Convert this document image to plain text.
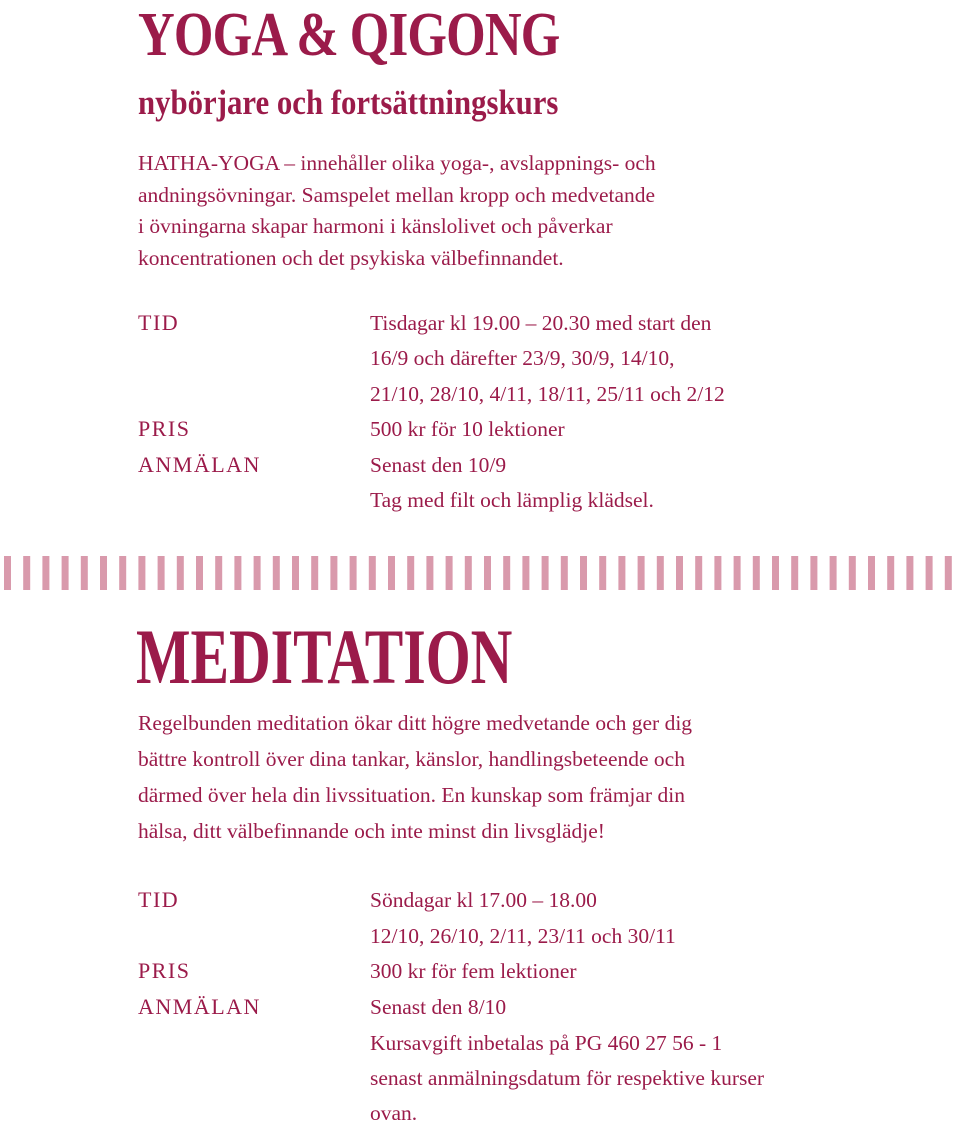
YOGA & QIGONG
nybörjare och fortsättningskurs
HATHA-YOGA – innehåller olika yoga-, avslappnings- och
andningsövningar. Samspelet mellan kropp och medvetande
i övningarna skapar harmoni i känslolivet och påverkar
koncentrationen och det psykiska välbefinnandet.
TID	Tisdagar kl 19.00 – 20.30 med start den
16/9 och därefter 23/9, 30/9, 14/10,
21/10, 28/10, 4/11, 18/11, 25/11 och 2/12
PRIS	500 kr för 10 lektioner
ANMÄLAN	Senast den 10/9
Tag med filt och lämplig klädsel.
MEDITATION
Regelbunden meditation ökar ditt högre medvetande och ger dig
bättre kontroll över dina tankar, känslor, handlingsbeteende och
därmed över hela din livssituation. En kunskap som främjar din
hälsa, ditt välbefinnande och inte minst din livsglädje!
TID	Söndagar kl 17.00 – 18.00
12/10, 26/10, 2/11, 23/11 och 30/11
PRIS	300 kr för fem lektioner
ANMÄLAN	Senast den 8/10
Kursavgift inbetalas på PG 460 27 56 - 1
senast anmälningsdatum för respektive kurser
ovan.
